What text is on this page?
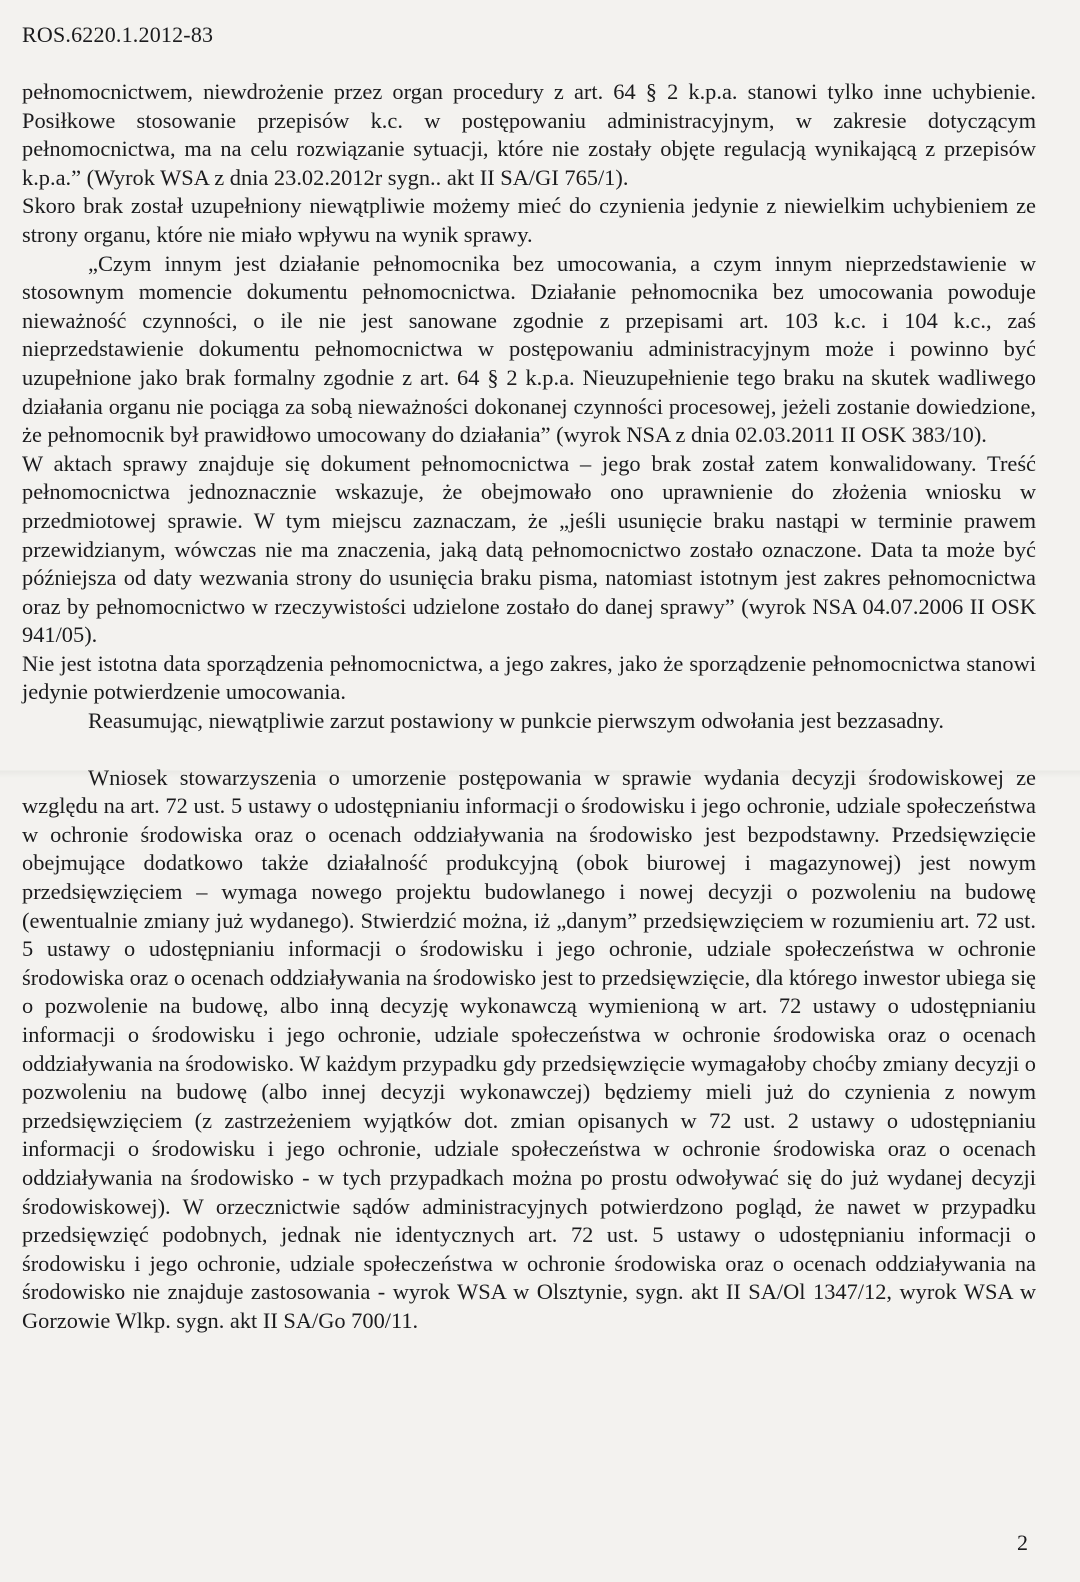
ROS.6220.1.2012-83

pełnomocnictwem, niewdrożenie przez organ procedury z art. 64 § 2 k.p.a. stanowi tylko inne uchybienie. Posiłkowe stosowanie przepisów k.c. w postępowaniu administracyjnym, w zakresie dotyczącym pełnomocnictwa, ma na celu rozwiązanie sytuacji, które nie zostały objęte regulacją wynikającą z przepisów k.p.a.” (Wyrok WSA z dnia 23.02.2012r sygn.. akt II SA/GI 765/1).

Skoro brak został uzupełniony niewątpliwie możemy mieć do czynienia jedynie z niewielkim uchybieniem ze strony organu, które nie miało wpływu na wynik sprawy.

„Czym innym jest działanie pełnomocnika bez umocowania, a czym innym nieprzedstawienie w stosownym momencie dokumentu pełnomocnictwa. Działanie pełnomocnika bez umocowania powoduje nieważność czynności, o ile nie jest sanowane zgodnie z przepisami art. 103 k.c. i 104 k.c., zaś nieprzedstawienie dokumentu pełnomocnictwa w postępowaniu administracyjnym może i powinno być uzupełnione jako brak formalny zgodnie z art. 64 § 2 k.p.a. Nieuzupełnienie tego braku na skutek wadliwego działania organu nie pociąga za sobą nieważności dokonanej czynności procesowej, jeżeli zostanie dowiedzione, że pełnomocnik był prawidłowo umocowany do działania” (wyrok NSA z dnia 02.03.2011 II OSK 383/10).

W aktach sprawy znajduje się dokument pełnomocnictwa – jego brak został zatem konwalidowany. Treść pełnomocnictwa jednoznacznie wskazuje, że obejmowało ono uprawnienie do złożenia wniosku w przedmiotowej sprawie. W tym miejscu zaznaczam, że „jeśli usunięcie braku nastąpi w terminie prawem przewidzianym, wówczas nie ma znaczenia, jaką datą pełnomocnictwo zostało oznaczone. Data ta może być późniejsza od daty wezwania strony do usunięcia braku pisma, natomiast istotnym jest zakres pełnomocnictwa oraz by pełnomocnictwo w rzeczywistości udzielone zostało do danej sprawy” (wyrok NSA 04.07.2006 II OSK 941/05).

Nie jest istotna data sporządzenia pełnomocnictwa, a jego zakres, jako że sporządzenie pełnomocnictwa stanowi jedynie potwierdzenie umocowania.

Reasumując, niewątpliwie zarzut postawiony w punkcie pierwszym odwołania jest bezzasadny.

Wniosek stowarzyszenia o umorzenie postępowania w sprawie wydania decyzji środowiskowej ze względu na art. 72 ust. 5 ustawy o udostępnianiu informacji o środowisku i jego ochronie, udziale społeczeństwa w ochronie środowiska oraz o ocenach oddziaływania na środowisko jest bezpodstawny. Przedsięwzięcie obejmujące dodatkowo także działalność produkcyjną (obok biurowej i magazynowej) jest nowym przedsięwzięciem – wymaga nowego projektu budowlanego i nowej decyzji o pozwoleniu na budowę (ewentualnie zmiany już wydanego). Stwierdzić można, iż „danym” przedsięwzięciem w rozumieniu art. 72 ust. 5 ustawy o udostępnianiu informacji o środowisku i jego ochronie, udziale społeczeństwa w ochronie środowiska oraz o ocenach oddziaływania na środowisko jest to przedsięwzięcie, dla którego inwestor ubiega się o pozwolenie na budowę, albo inną decyzję wykonawczą wymienioną w art. 72 ustawy o udostępnianiu informacji o środowisku i jego ochronie, udziale społeczeństwa w ochronie środowiska oraz o ocenach oddziaływania na środowisko. W każdym przypadku gdy przedsięwzięcie wymagałoby choćby zmiany decyzji o pozwoleniu na budowę (albo innej decyzji wykonawczej) będziemy mieli już do czynienia z nowym przedsięwzięciem (z zastrzeżeniem wyjątków dot. zmian opisanych w 72 ust. 2 ustawy o udostępnianiu informacji o środowisku i jego ochronie, udziale społeczeństwa w ochronie środowiska oraz o ocenach oddziaływania na środowisko - w tych przypadkach można po prostu odwoływać się do już wydanej decyzji środowiskowej). W orzecznictwie sądów administracyjnych potwierdzono pogląd, że nawet w przypadku przedsięwzięć podobnych, jednak nie identycznych art. 72 ust. 5 ustawy o udostępnianiu informacji o środowisku i jego ochronie, udziale społeczeństwa w ochronie środowiska oraz o ocenach oddziaływania na środowisko nie znajduje zastosowania - wyrok WSA w Olsztynie, sygn. akt II SA/Ol 1347/12, wyrok WSA w Gorzowie Wlkp. sygn. akt II SA/Go 700/11.

2
